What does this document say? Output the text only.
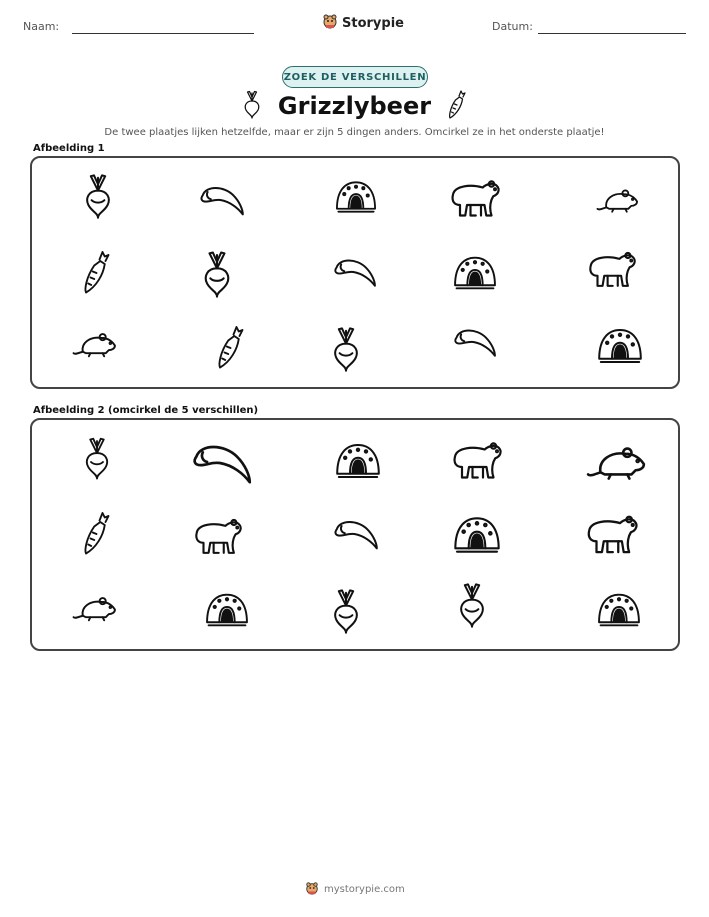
Naam:	Storypie	Datum:
ZOEK DE VERSCHILLEN
Grizzlybeer
De twee plaatjes lijken hetzelfde, maar er zijn 5 dingen anders. Omcirkel ze in het onderste plaatje!
Afbeelding 1
Afbeelding 2 (omcirkel de 5 verschillen)
mystorypie.com
